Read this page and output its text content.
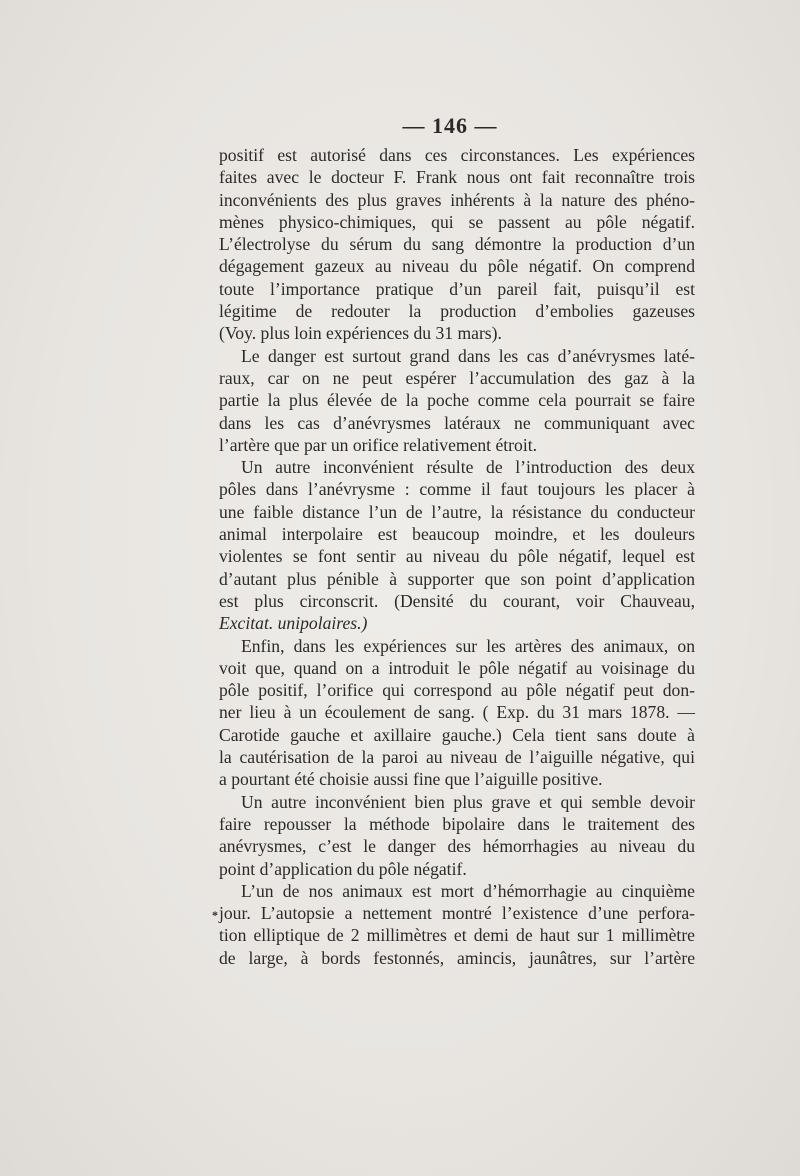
— 146 —
positif est autorisé dans ces circonstances. Les expériences
faites avec le docteur F. Frank nous ont fait reconnaître trois
inconvénients des plus graves inhérents à la nature des phéno-
mènes physico-chimiques, qui se passent au pôle négatif.
L’électrolyse du sérum du sang démontre la production d’un
dégagement gazeux au niveau du pôle négatif. On comprend
toute l’importance pratique d’un pareil fait, puisqu’il est
légitime de redouter la production d’embolies gazeuses
(Voy. plus loin expériences du 31 mars).
Le danger est surtout grand dans les cas d’anévrysmes laté-
raux, car on ne peut espérer l’accumulation des gaz à la
partie la plus élevée de la poche comme cela pourrait se faire
dans les cas d’anévrysmes latéraux ne communiquant avec
l’artère que par un orifice relativement étroit.
Un autre inconvénient résulte de l’introduction des deux
pôles dans l’anévrysme : comme il faut toujours les placer à
une faible distance l’un de l’autre, la résistance du conducteur
animal interpolaire est beaucoup moindre, et les douleurs
violentes se font sentir au niveau du pôle négatif, lequel est
d’autant plus pénible à supporter que son point d’application
est plus circonscrit. (Densité du courant, voir Chauveau,
Excitat. unipolaires.)
Enfin, dans les expériences sur les artères des animaux, on
voit que, quand on a introduit le pôle négatif au voisinage du
pôle positif, l’orifice qui correspond au pôle négatif peut don-
ner lieu à un écoulement de sang. ( Exp. du 31 mars 1878. —
Carotide gauche et axillaire gauche.) Cela tient sans doute à
la cautérisation de la paroi au niveau de l’aiguille négative, qui
a pourtant été choisie aussi fine que l’aiguille positive.
Un autre inconvénient bien plus grave et qui semble devoir
faire repousser la méthode bipolaire dans le traitement des
anévrysmes, c’est le danger des hémorrhagies au niveau du
point d’application du pôle négatif.
L’un de nos animaux est mort d’hémorrhagie au cinquième
jour. L’autopsie a nettement montré l’existence d’une perfora-
tion elliptique de 2 millimètres et demi de haut sur 1 millimètre
de large, à bords festonnés, amincis, jaunâtres, sur l’artère
*
